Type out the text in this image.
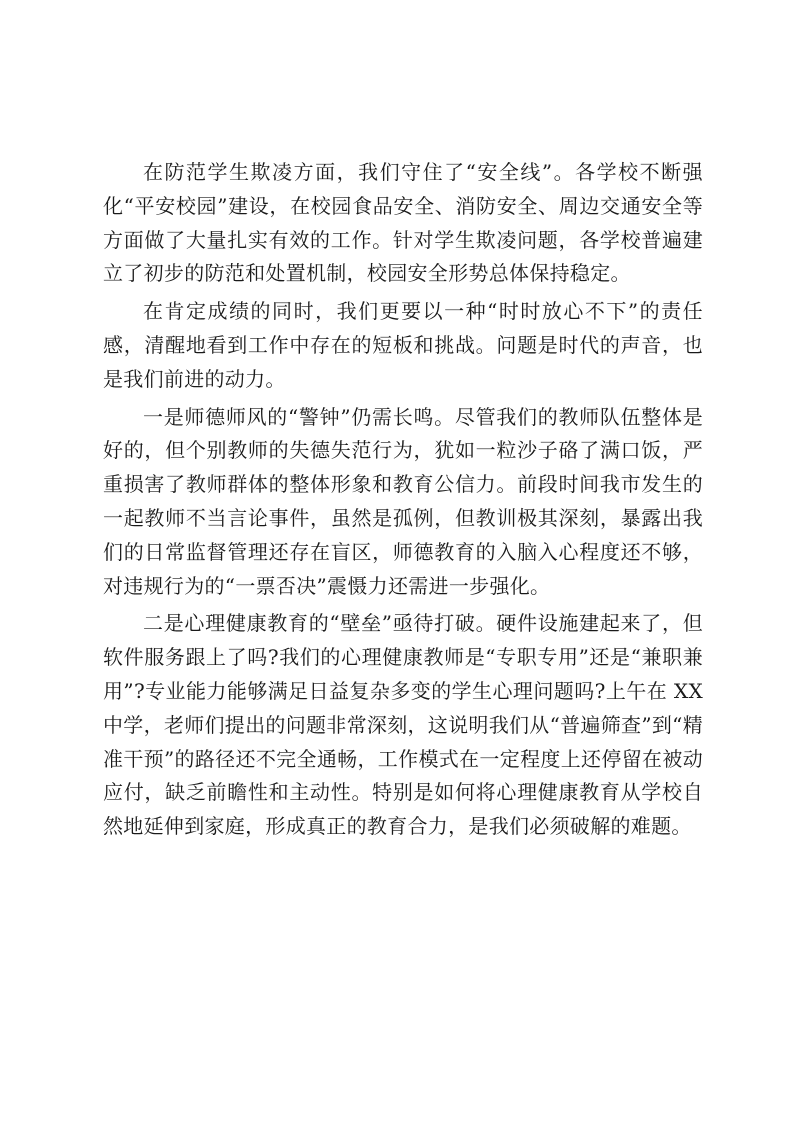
在防范学生欺凌方面，我们守住了“安全线”。各学校不断强化“平安校园”建设，在校园食品安全、消防安全、周边交通安全等方面做了大量扎实有效的工作。针对学生欺凌问题，各学校普遍建立了初步的防范和处置机制，校园安全形势总体保持稳定。

在肯定成绩的同时，我们更要以一种“时时放心不下”的责任感，清醒地看到工作中存在的短板和挑战。问题是时代的声音，也是我们前进的动力。

一是师德师风的“警钟”仍需长鸣。尽管我们的教师队伍整体是好的，但个别教师的失德失范行为，犹如一粒沙子硌了满口饭，严重损害了教师群体的整体形象和教育公信力。前段时间我市发生的一起教师不当言论事件，虽然是孤例，但教训极其深刻，暴露出我们的日常监督管理还存在盲区，师德教育的入脑入心程度还不够，对违规行为的“一票否决”震慑力还需进一步强化。

二是心理健康教育的“壁垒”亟待打破。硬件设施建起来了，但软件服务跟上了吗?我们的心理健康教师是“专职专用”还是“兼职兼用”?专业能力能够满足日益复杂多变的学生心理问题吗?上午在 XX 中学，老师们提出的问题非常深刻，这说明我们从“普遍筛查”到“精准干预”的路径还不完全通畅，工作模式在一定程度上还停留在被动应付，缺乏前瞻性和主动性。特别是如何将心理健康教育从学校自然地延伸到家庭，形成真正的教育合力，是我们必须破解的难题。
